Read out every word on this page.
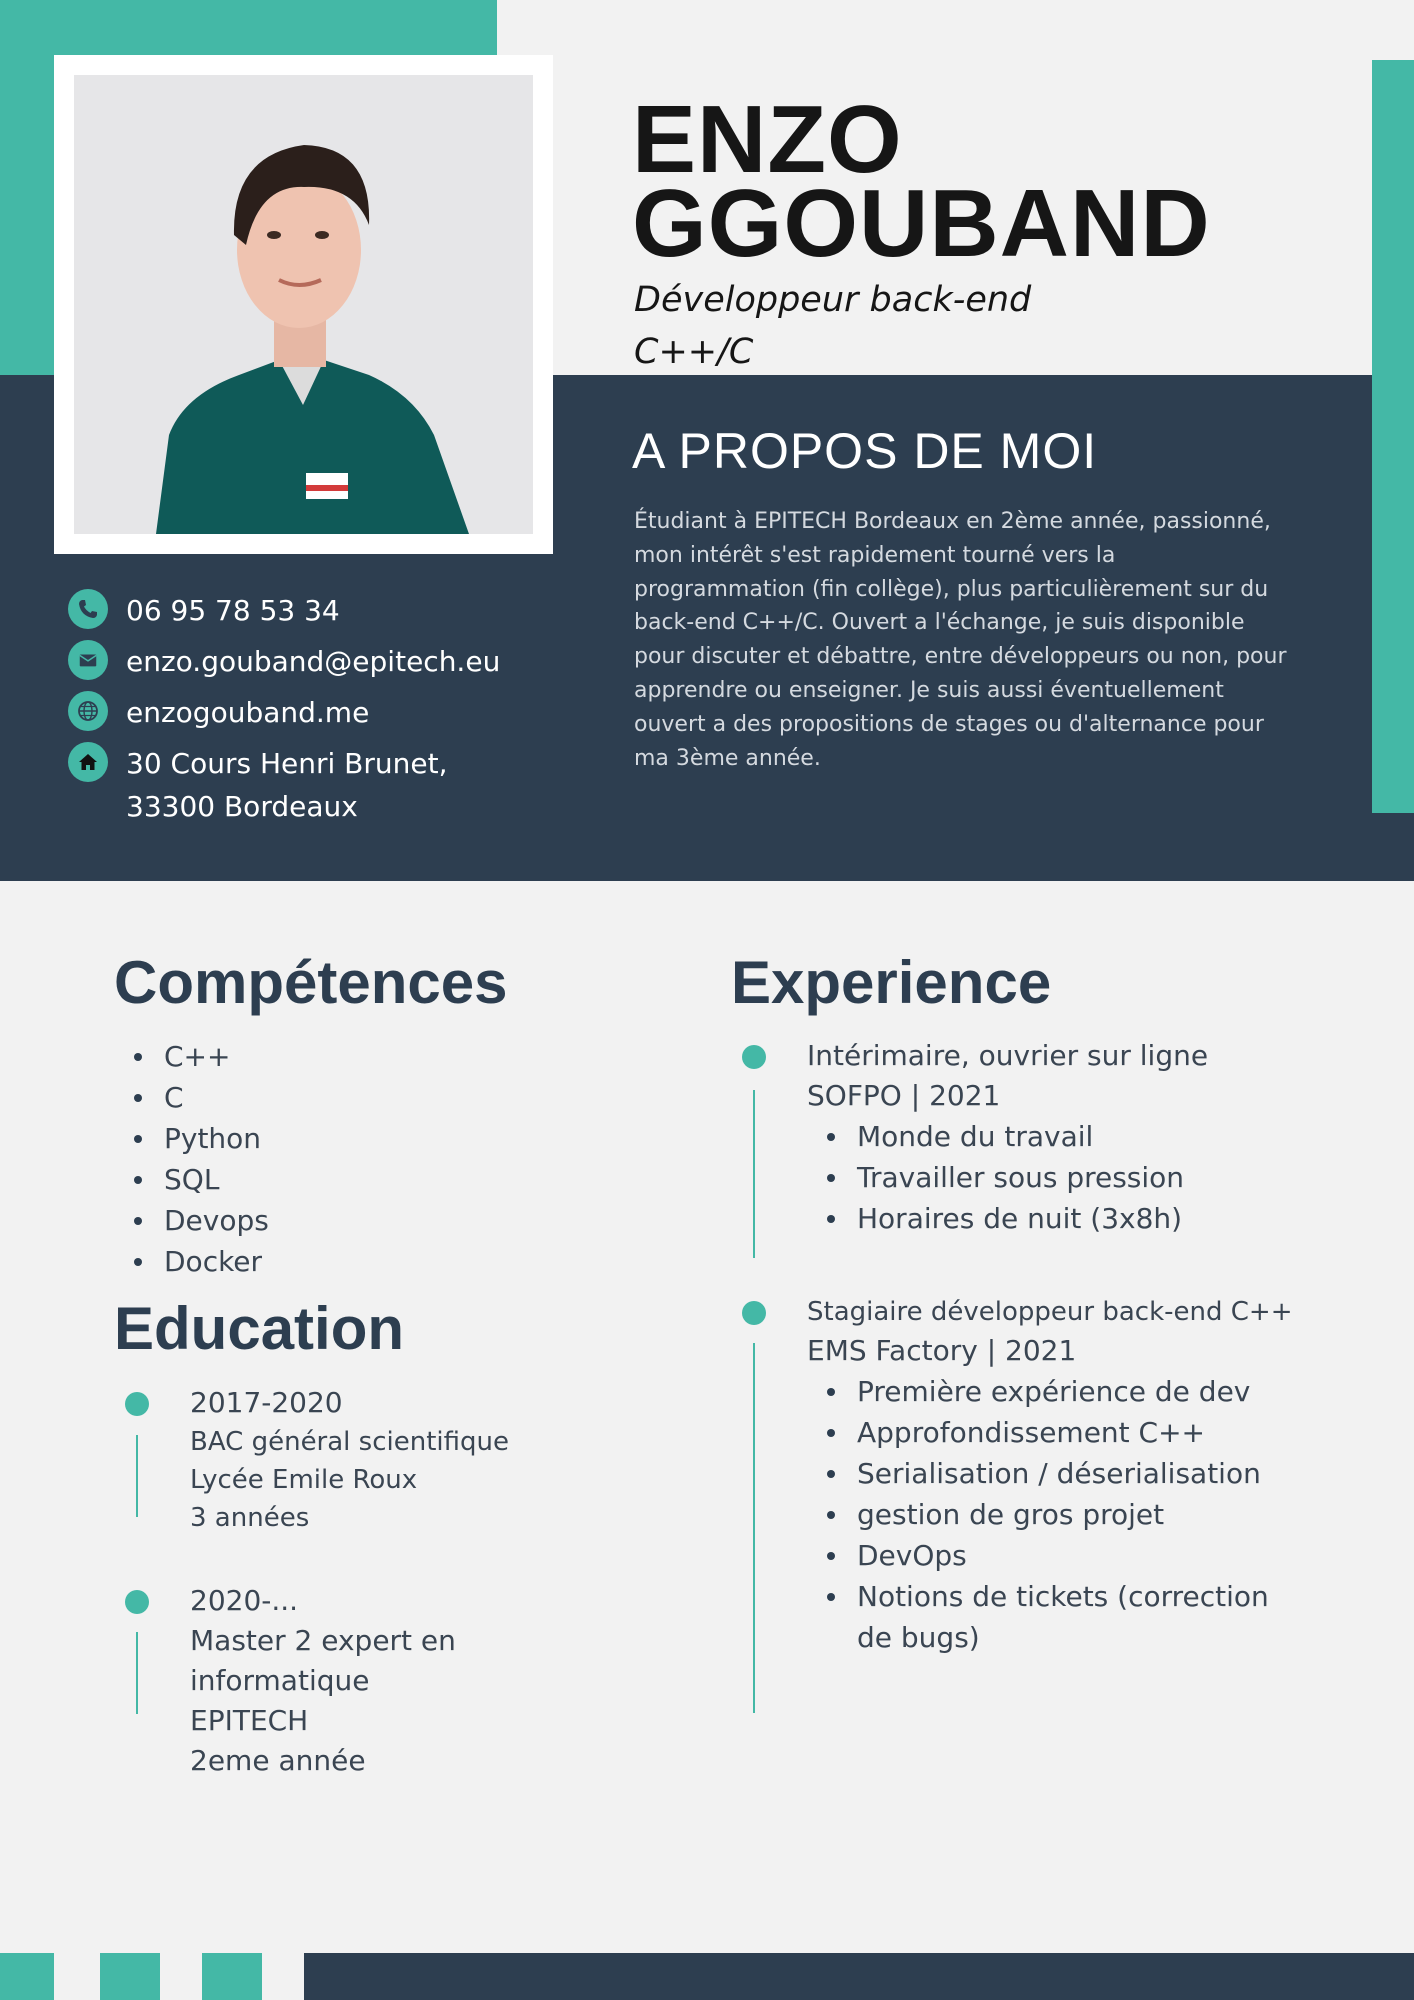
ENZO
GGOUBAND
Développeur back-end
C++/C
A PROPOS DE MOI
Étudiant à EPITECH Bordeaux en 2ème année, passionné, mon intérêt s'est rapidement tourné vers la programmation (fin collège), plus particulièrement sur du back-end C++/C. Ouvert a l'échange, je suis disponible pour discuter et débattre, entre développeurs ou non, pour apprendre ou enseigner. Je suis aussi éventuellement ouvert a des propositions de stages ou d'alternance pour ma 3ème année.
06 95 78 53 34
enzo.gouband@epitech.eu
enzogouband.me
30 Cours Henri Brunet,
33300 Bordeaux
Compétences
C++
C
Python
SQL
Devops
Docker
Education
2017-2020
BAC général scientifique
Lycée Emile Roux
3 années
2020-...
Master 2 expert en
informatique
EPITECH
2eme année
Experience
Intérimaire, ouvrier sur ligne
SOFPO | 2021
Monde du travail
Travailler sous pression
Horaires de nuit (3x8h)
Stagiaire développeur back-end C++
EMS Factory | 2021
Première expérience de dev
Approfondissement C++
Serialisation / déserialisation
gestion de gros projet
DevOps
Notions de tickets (correction de bugs)
